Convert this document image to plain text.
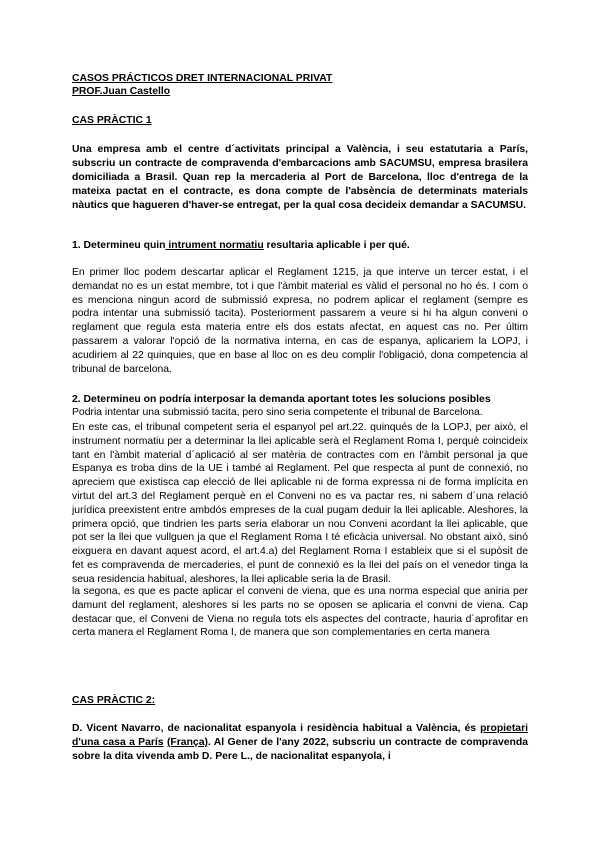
CASOS PRÁCTICOS DRET INTERNACIONAL PRIVAT
PROF.Juan Castello
CAS PRÀCTIC 1

Una empresa amb el centre d´activitats principal a València, i seu estatutaria a París, subscriu un contracte de compravenda d'embarcacions amb SACUMSU, empresa brasilera domiciliada a Brasil. Quan rep la mercaderia al Port de Barcelona, lloc d'entrega de la mateixa pactat en el contracte, es dona compte de l'absència de determinats materials nàutics que hagueren d'haver-se entregat, per la qual cosa decideix demandar a SACUMSU.

1. Determineu quin intrument normatiu resultaria aplicable i per qué.

En primer lloc podem descartar aplicar el Reglament 1215, ja que interve un tercer estat, i el demandat no es un estat membre, tot i que l'àmbit material es vàlid el personal no ho és. I com o es menciona ningun acord de submissió expresa, no podrem aplicar el reglament (sempre es podra intentar una submissió tacita). Posteriorment passarem a veure si hi ha algun conveni o reglament que regula esta materia entre els dos estats afectat, en aquest cas no. Per últim passarem a valorar l'opció de la normativa interna, en cas de espanya, aplicariem la LOPJ, i acudiriem al 22 quinquies, que en base al lloc on es deu complir l'obligació, dona competencia al tribunal de barcelona.

2. Determineu on podría interposar la demanda aportant totes les solucions posibles
Podria intentar una submissió tacita, pero sino seria competente el tribunal de Barcelona.

En este cas, el tribunal competent seria el espanyol pel art.22. quinqués de la LOPJ, per això, el instrument normatiu per a determinar la llei aplicable serà el Reglament Roma I, perquè coincideix tant en l'àmbit material d´aplicació al ser matèria de contractes com en l'àmbit personal ja que Espanya es troba dins de la UE i també al Reglament. Pel que respecta al punt de connexió, no apreciem que existisca cap elecció de llei aplicable ni de forma expressa ni de forma implícita en virtut del art.3 del Reglament perquè en el Conveni no es va pactar res, ni sabem d´una relació jurídica preexistent entre ambdós empreses de la cual pugam deduir la llei aplicable. Aleshores, la primera opció, que tindrien les parts seria elaborar un nou Conveni acordant la llei aplicable, que pot ser la llei que vullguen ja que el Reglament Roma I té eficàcia universal. No obstant això, sinó eixguera en davant aquest acord, el art.4.a) del Reglament Roma I estableix que si el supòsit de fet es compravenda de mercaderies, el punt de connexió es la llei del país on el venedor tinga la seua residencia habitual, aleshores, la llei aplicable seria la de Brasil.

la segona, es que es pacte aplicar el conveni de viena, que es una norma especial que aniria per damunt del reglament, aleshores si les parts no se oposen se aplicaria el convni de viena. Cap destacar que, el Conveni de Viena no regula tots els aspectes del contracte, hauria d´aprofitar en certa manera el Reglament Roma I, de manera que son complementaries en certa manera

CAS PRÀCTIC 2:

D. Vicent Navarro, de nacionalitat espanyola i residència habitual a València, és propietari d'una casa a París (França). Al Gener de l'any 2022, subscriu un contracte de compravenda sobre la dita vivenda amb D. Pere L., de nacionalitat espanyola, i
